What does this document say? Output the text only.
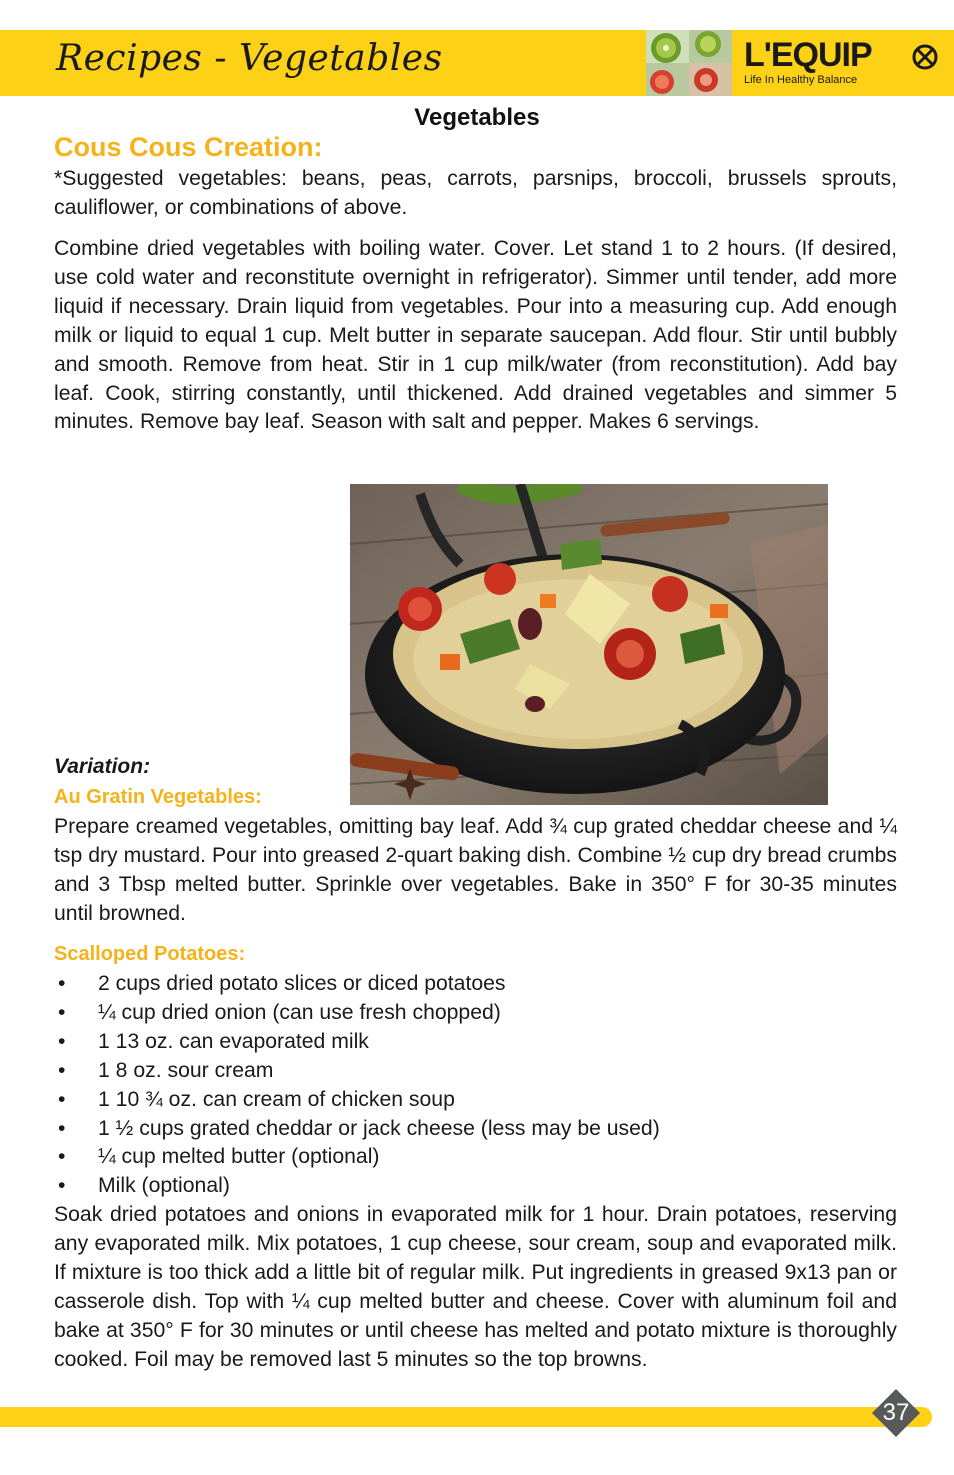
Recipes - Vegetables	L'EQUIP
Life In Healthy Balance
Vegetables
Cous Cous Creation:
*Suggested vegetables: beans, peas, carrots, parsnips, broccoli, brussels sprouts, cauliflower, or combinations of above.
Combine dried vegetables with boiling water. Cover. Let stand 1 to 2 hours. (If desired, use cold water and reconstitute overnight in refrigerator). Simmer until tender, add more liquid if necessary. Drain liquid from vegetables. Pour into a measuring cup. Add enough milk or liquid to equal 1 cup. Melt butter in separate saucepan. Add flour. Stir until bubbly and smooth. Remove from heat. Stir in 1 cup milk/water (from reconstitution). Add bay leaf. Cook, stirring constantly, until thickened. Add drained vegetables and simmer 5 minutes. Remove bay leaf. Season with salt and pepper. Makes 6 servings.
Variation:
Au Gratin Vegetables:
Prepare creamed vegetables, omitting bay leaf. Add ¾ cup grated cheddar cheese and ¼ tsp dry mustard. Pour into greased 2-quart baking dish. Combine ½ cup dry bread crumbs and 3 Tbsp melted butter. Sprinkle over vegetables. Bake in 350° F for 30-35 minutes until browned.
Scalloped Potatoes:
• 2 cups dried potato slices or diced potatoes
• ¼ cup dried onion (can use fresh chopped)
• 1 13 oz. can evaporated milk
• 1 8 oz. sour cream
• 1 10 ¾ oz. can cream of chicken soup
• 1 ½ cups grated cheddar or jack cheese (less may be used)
• ¼ cup melted butter (optional)
• Milk (optional)
Soak dried potatoes and onions in evaporated milk for 1 hour. Drain potatoes, reserving any evaporated milk. Mix potatoes, 1 cup cheese, sour cream, soup and evaporated milk. If mixture is too thick add a little bit of regular milk. Put ingredients in greased 9x13 pan or casserole dish. Top with ¼ cup melted butter and cheese. Cover with aluminum foil and bake at 350° F for 30 minutes or until cheese has melted and potato mixture is thoroughly cooked. Foil may be removed last 5 minutes so the top browns.
37
